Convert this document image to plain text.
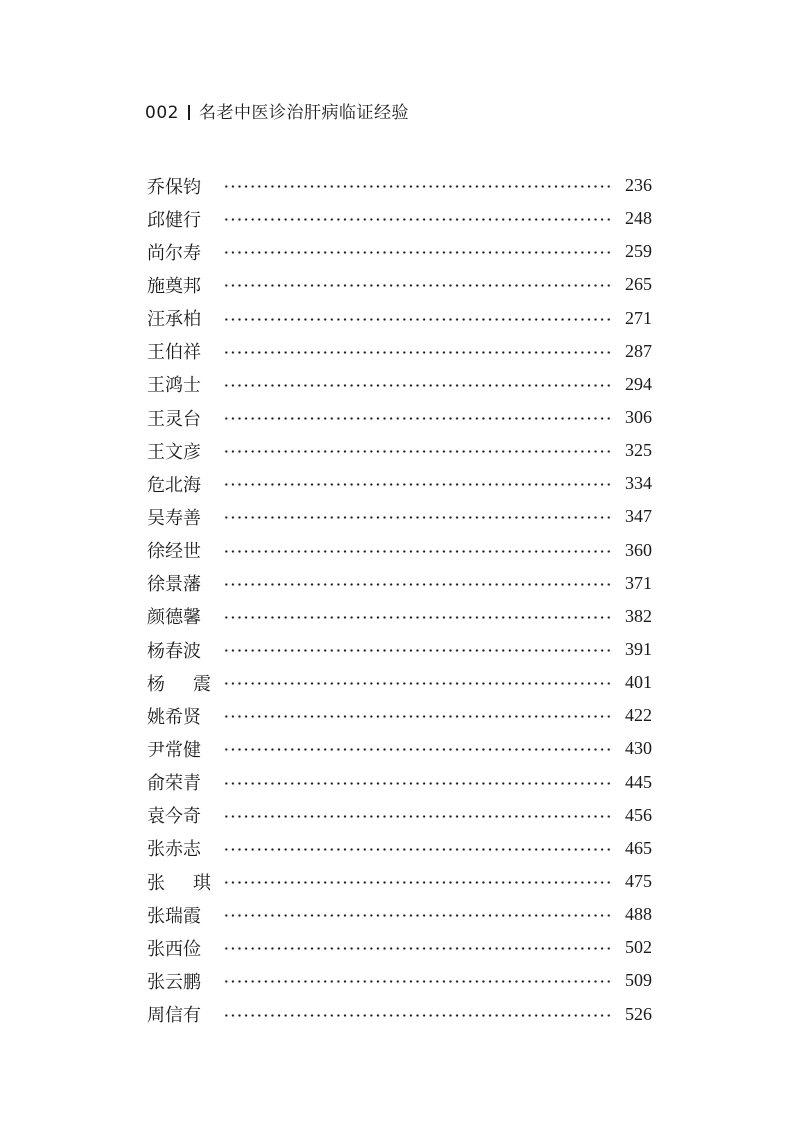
002 名老中医诊治肝病临证经验
乔保钧	236
邱健行	248
尚尔寿	259
施奠邦	265
汪承柏	271
王伯祥	287
王鸿士	294
王灵台	306
王文彦	325
危北海	334
吴寿善	347
徐经世	360
徐景藩	371
颜德馨	382
杨春波	391
杨震	401
姚希贤	422
尹常健	430
俞荣青	445
袁今奇	456
张赤志	465
张琪	475
张瑞霞	488
张西俭	502
张云鹏	509
周信有	526
